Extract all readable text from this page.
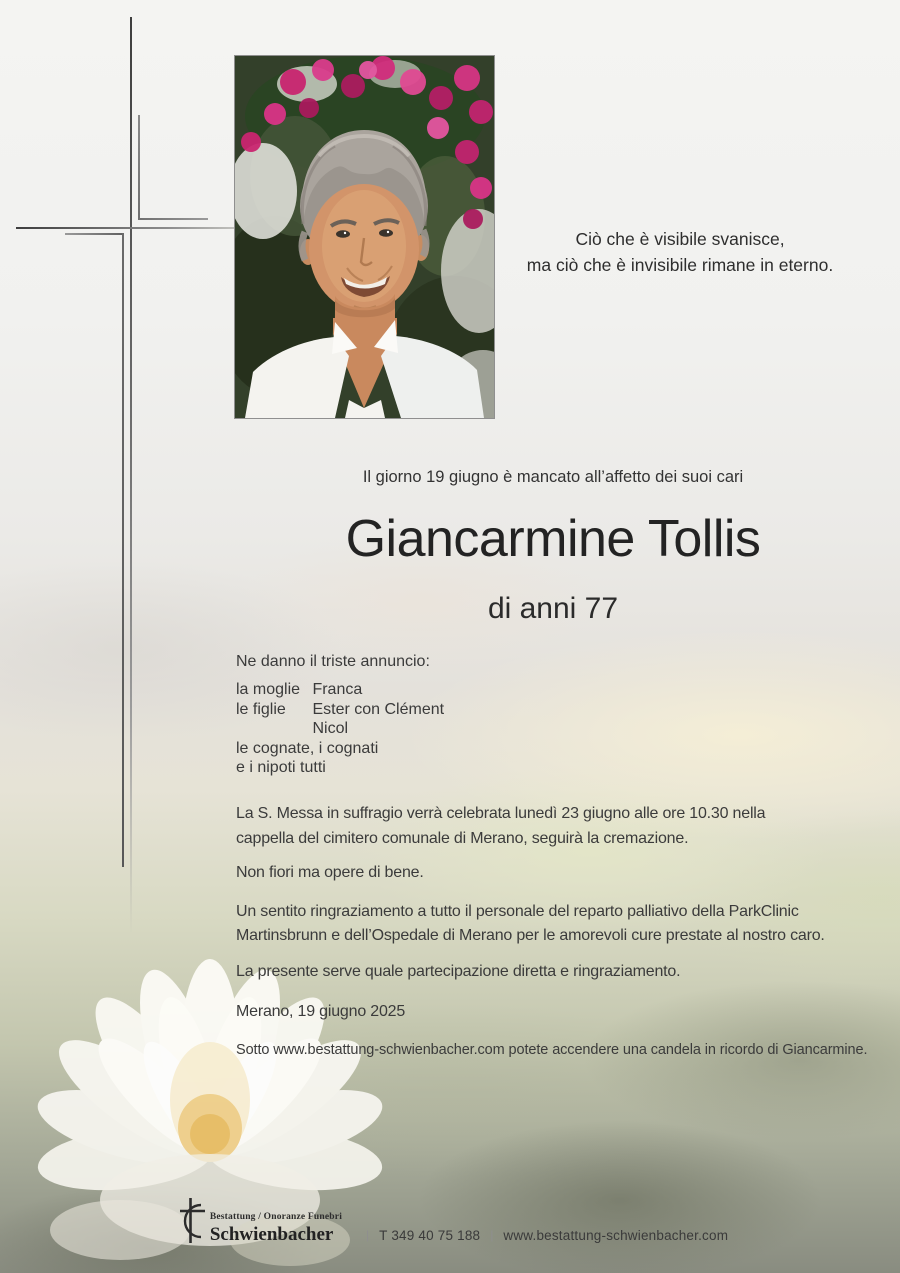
Ciò che è visibile svanisce,
ma ciò che è invisibile rimane in eterno.
Il giorno 19 giugno è mancato all’affetto dei suoi cari
Giancarmine Tollis
di anni 77
Ne danno il triste annuncio:
la moglie Franca
le figlie Ester con Clément
Nicol
le cognate, i cognati
e i nipoti tutti
La S. Messa in suffragio verrà celebrata lunedì 23 giugno alle ore 10.30 nella
cappella del cimitero comunale di Merano, seguirà la cremazione.
Non fiori ma opere di bene.
Un sentito ringraziamento a tutto il personale del reparto palliativo della ParkClinic
Martinsbrunn e dell’Ospedale di Merano per le amorevoli cure prestate al nostro caro.
La presente serve quale partecipazione diretta e ringraziamento.
Merano, 19 giugno 2025
Sotto www.bestattung-schwienbacher.com potete accendere una candela in ricordo di Giancarmine.
Bestattung / Onoranze Funebri
Schwienbacher	| T 349 40 75 188 | www.bestattung-schwienbacher.com
